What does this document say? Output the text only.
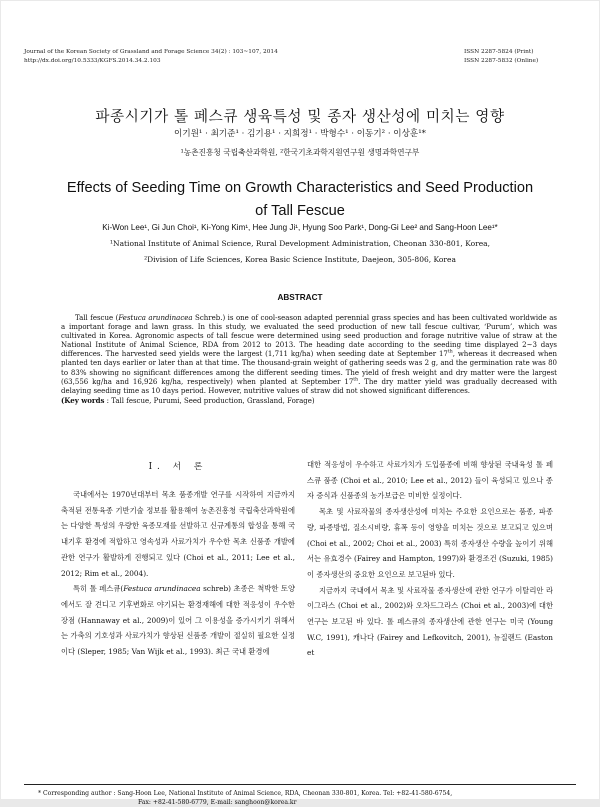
Journal of the Korean Society of Grassland and Forage Science 34(2) : 103~107, 2014
http://dx.doi.org/10.5333/KGFS.2014.34.2.103
ISSN 2287-5824 (Print)
ISSN 2287-5832 (Online)
파종시기가 톨 페스큐 생육특성 및 종자 생산성에 미치는 영향
이기원¹ · 최기준¹ · 김기용¹ · 지희정¹ · 박형수¹ · 이동기² · 이상훈¹*
¹농촌진흥청 국립축산과학원, ²한국기초과학지원연구원 생명과학연구부
Effects of Seeding Time on Growth Characteristics and Seed Production
of Tall Fescue
Ki-Won Lee¹, Gi Jun Choi¹, Ki-Yong Kim¹, Hee Jung Ji¹, Hyung Soo Park¹, Dong-Gi Lee² and Sang-Hoon Lee¹*
¹National Institute of Animal Science, Rural Development Administration, Cheonan 330-801, Korea,
²Division of Life Sciences, Korea Basic Science Institute, Daejeon, 305-806, Korea
ABSTRACT

Tall fescue (Festuca arundinacea Schreb.) is one of cool-season adapted perennial grass species and has been cultivated worldwide as a important forage and lawn grass. In this study, we evaluated the seed production of new tall fescue cultivar, ‘Purum’, which was cultivated in Korea. Agronomic aspects of tall fescue were determined using seed production and forage nutritive value of straw at the National Institute of Animal Science, RDA from 2012 to 2013. The heading date according to the seeding time displayed 2~3 days differences. The harvested seed yields were the largest (1,711 kg/ha) when seeding date at September 17th, whereas it decreased when planted ten days earlier or later than at that time. The thousand-grain weight of gathering seeds was 2 g, and the germination rate was 80 to 83% showing no significant differences among the different seeding times. The yield of fresh weight and dry matter were the largest (63,556 kg/ha and 16,926 kg/ha, respectively) when planted at September 17th. The dry matter yield was gradually decreased with delaying seeding time as 10 days period. However, nutritive values of straw did not showed significant differences.

(Key words : Tall fescue, Purumi, Seed production, Grassland, Forage)
Ⅰ. 서 론

국내에서는 1970년대부터 목초 품종개발 연구를 시작하여 지금까지 축적된 전통육종 기반기술 정보를 활용해여 농촌진흥청 국립축산과학원에는 다양한 특성의 우량한 육종모재를 선발하고 신규계통의 합성을 통해 국내기후 환경에 적합하고 영속성과 사료가치가 우수한 목초 신품종 개발에 관한 연구가 활발하게 진행되고 있다 (Choi et al., 2011; Lee et al., 2012; Rim et al., 2004).

특히 톨 페스큐(Festuca arundinacea schreb) 초종은 척박한 토양에서도 잘 견디고 기후변화로 야기되는 환경재해에 대한 적응성이 우수한 장점 (Hannaway et al., 2009)이 있어 그 이용성을 증가시키기 위해서는 가축의 기호성과 사료가치가 향상된 신품종 개발이 절실히 필요한 실정이다 (Sleper, 1985; Van Wijk et al., 1993). 최근 국내 환경에

대한 적응성이 우수하고 사료가치가 도입품종에 비해 향상된 국내육성 톨 페스큐 품종 (Choi et al., 2010; Lee et al., 2012) 들이 육성되고 있으나 종자 증식과 신품종의 농가보급은 미비한 실정이다.

목초 및 사료작물의 종자생산성에 미치는 주요한 요인으로는 품종, 파종량, 파종방법, 질소시비량, 휴폭 등이 영향을 미치는 것으로 보고되고 있으며 (Choi et al., 2002; Choi et al., 2003) 특히 종자생산 수량을 높이기 위해서는 유효경수 (Fairey and Hampton, 1997)와 환경조건 (Suzuki, 1985) 이 종자생산의 중요한 요인으로 보고된바 있다.

지금까지 국내에서 목초 및 사료작물 종자생산에 관한 연구가 이탈리안 라이그라스 (Choi et al., 2002)와 오차드그라스 (Choi et al., 2003)에 대한 연구는 보고된 바 있다. 톨 페스큐의 종자생산에 관한 연구는 미국 (Young W.C, 1991), 캐나다 (Fairey and Lefkovitch, 2001), 뉴질랜드 (Easton et

* Corresponding author : Sang-Hoon Lee, National Institute of Animal Science, RDA, Cheonan 330-801, Korea. Tel: +82-41-580-6754,
Fax: +82-41-580-6779, E-mail: sanghoon@korea.kr
